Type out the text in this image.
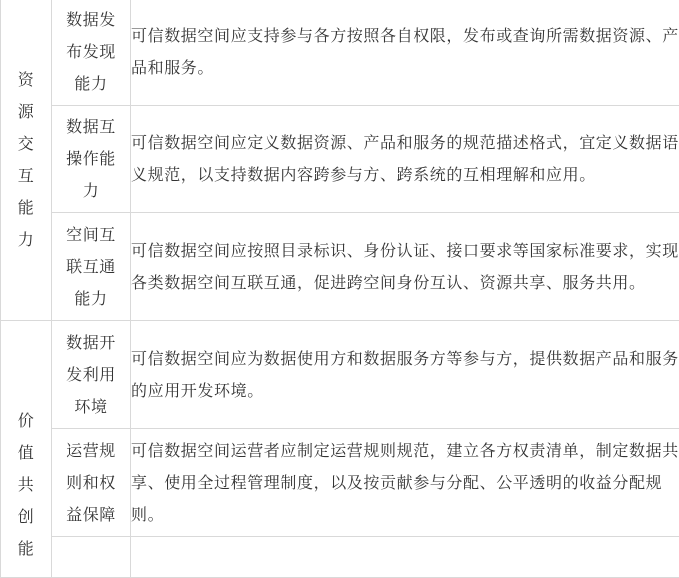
资源交互能力	数据发布发现能力	可信数据空间应支持参与各方按照各自权限，发布或查询所需数据资源、产品和服务。

	数据互操作能力	可信数据空间应定义数据资源、产品和服务的规范描述格式，宜定义数据语义规范，以支持数据内容跨参与方、跨系统的互相理解和应用。

	空间互联互通能力	可信数据空间应按照目录标识、身份认证、接口要求等国家标准要求，实现各类数据空间互联互通，促进跨空间身份互认、资源共享、服务共用。

价值共创能	数据开发利用环境	可信数据空间应为数据使用方和数据服务方等参与方，提供数据产品和服务的应用开发环境。

	运营规则和权益保障	可信数据空间运营者应制定运营规则规范，建立各方权责清单，制定数据共享、使用全过程管理制度，以及按贡献参与分配、公平透明的收益分配规则。
